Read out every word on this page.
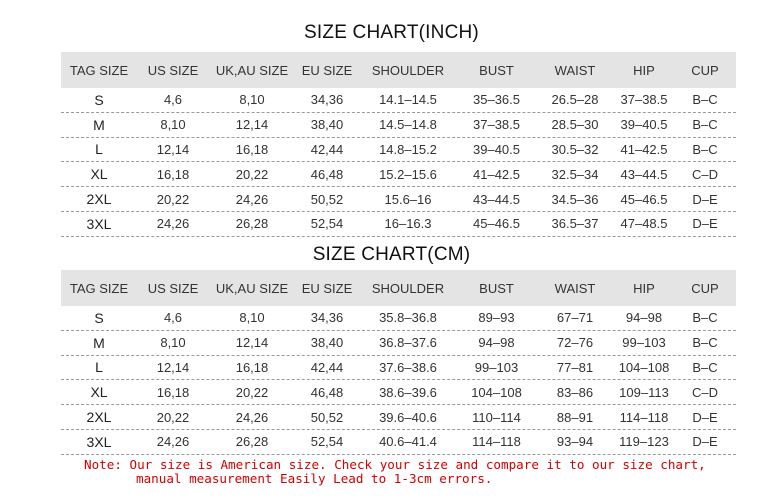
SIZE CHART(INCH)
TAG SIZE	US SIZE	UK,AU SIZE	EU SIZE	SHOULDER	BUST	WAIST	HIP	CUP
S	4,6	8,10	34,36	14.1–14.5	35–36.5	26.5–28	37–38.5	B–C
M	8,10	12,14	38,40	14.5–14.8	37–38.5	28.5–30	39–40.5	B–C
L	12,14	16,18	42,44	14.8–15.2	39–40.5	30.5–32	41–42.5	B–C
XL	16,18	20,22	46,48	15.2–15.6	41–42.5	32.5–34	43–44.5	C–D
2XL	20,22	24,26	50,52	15.6–16	43–44.5	34.5–36	45–46.5	D–E
3XL	24,26	26,28	52,54	16–16.3	45–46.5	36.5–37	47–48.5	D–E
SIZE CHART(CM)
TAG SIZE	US SIZE	UK,AU SIZE	EU SIZE	SHOULDER	BUST	WAIST	HIP	CUP
S	4,6	8,10	34,36	35.8–36.8	89–93	67–71	94–98	B–C
M	8,10	12,14	38,40	36.8–37.6	94–98	72–76	99–103	B–C
L	12,14	16,18	42,44	37.6–38.6	99–103	77–81	104–108	B–C
XL	16,18	20,22	46,48	38.6–39.6	104–108	83–86	109–113	C–D
2XL	20,22	24,26	50,52	39.6–40.6	110–114	88–91	114–118	D–E
3XL	24,26	26,28	52,54	40.6–41.4	114–118	93–94	119–123	D–E
Note: Our size is American size. Check your size and compare it to our size chart,
manual measurement Easily Lead to 1-3cm errors.
